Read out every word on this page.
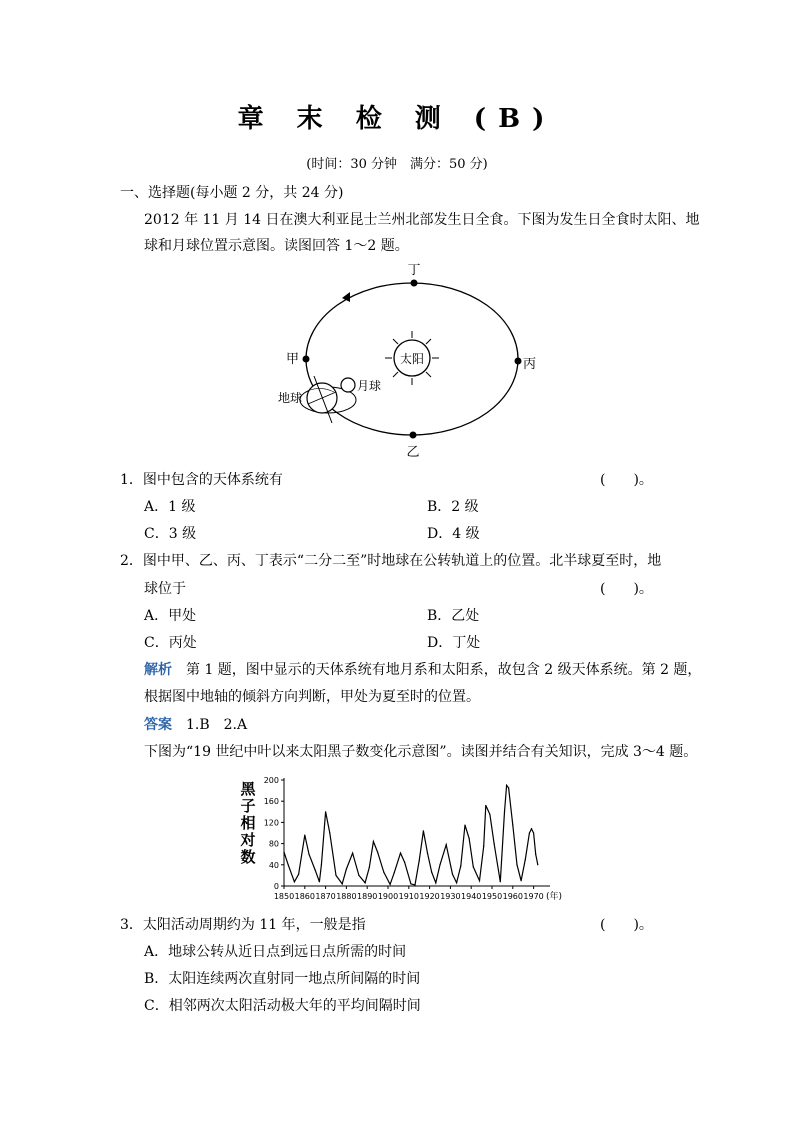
章 末 检 测 (B)
(时间：30 分钟　满分：50 分)
一、选择题(每小题 2 分，共 24 分)
2012 年 11 月 14 日在澳大利亚昆士兰州北部发生日全食。下图为发生日全食时太阳、地
球和月球位置示意图。读图回答 1～2 题。
太阳
丁
丙
乙
甲
月球
地球
1．图中包含的天体系统有	(　　)。
A．1 级	B．2 级
C．3 级	D．4 级
2．图中甲、乙、丙、丁表示“二分二至”时地球在公转轨道上的位置。北半球夏至时，地
球位于	(　　)。
A．甲处	B．乙处
C．丙处	D．丁处
解析　 第 1 题，图中显示的天体系统有地月系和太阳系，故包含 2 级天体系统。第 2 题，
根据图中地轴的倾斜方向判断，甲处为夏至时的位置。
答案　 1.B　2.A
下图为“19 世纪中叶以来太阳黑子数变化示意图”。读图并结合有关知识，完成 3～4 题。
黑
子
相
对
数
0
40
80
120
160
200
1850 1860 1870 1880 1890 1900 1910 1920 1930 1940 1950 1960 1970 (年)
3．太阳活动周期约为 11 年，一般是指	(　　)。
A．地球公转从近日点到远日点所需的时间
B．太阳连续两次直射同一地点所间隔的时间
C．相邻两次太阳活动极大年的平均间隔时间
